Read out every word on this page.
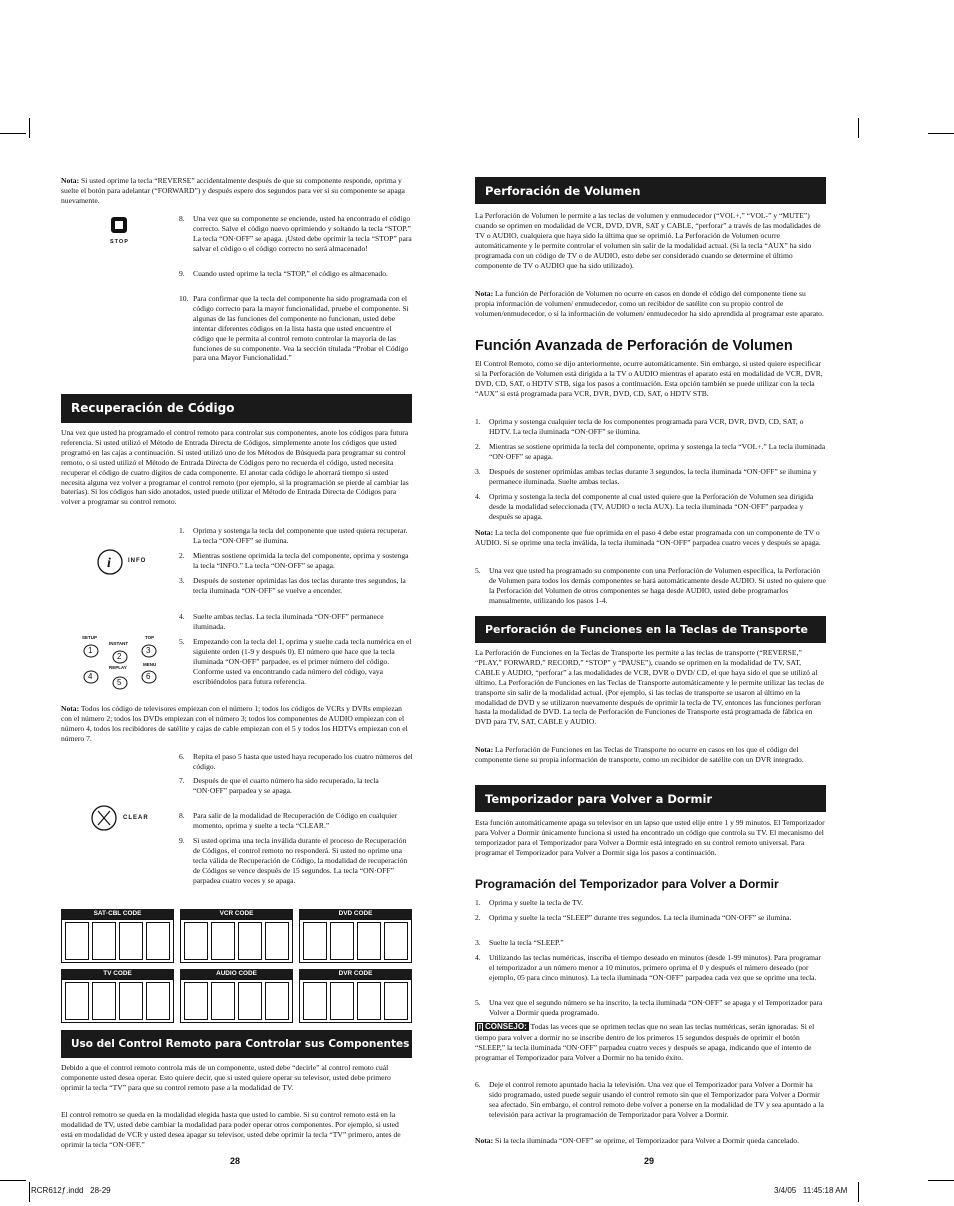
Nota: Si usted oprime la tecla “REVERSE” accidentalmente después de que su componente responde, oprima y suelte el botón para adelantar (“FORWARD”) y después espere dos segundos para ver si su componente se apaga nuevamente.
STOP
8. Una vez que su componente se enciende, usted ha encontrado el código correcto. Salve el código nuevo oprimiendo y soltando la tecla “STOP.” La tecla “ON·OFF” se apaga. ¡Usted debe oprimir la tecla “STOP” para salvar el código o el código correcto no será almacenado!
9. Cuando usted oprime la tecla “STOP,” el código es almacenado.
10. Para confirmar que la tecla del componente ha sido programada con el código correcto para la mayor funcionalidad, pruebe el componente. Si algunas de las funciones del componente no funcionan, usted debe intentar diferentes códigos en la lista hasta que usted encuentre el código que le permita al control remoto controlar la mayoría de las funciones de su componente. Vea la sección titulada “Probar el Código para una Mayor Funcionalidad.”
Recuperación de Código
Una vez que usted ha programado el control remoto para controlar sus componentes, anote los códigos para futura referencia. Si usted utilizó el Método de Entrada Directa de Códigos, simplemente anote los códigos que usted programó en las cajas a continuación. Si usted utilizó uno de los Métodos de Búsqueda para programar su control remoto, o si usted utilizó el Método de Entrada Directa de Códigos pero no recuerda el código, usted necesita recuperar el código de cuatro dígitos de cada componente. El anotar cada código le ahorrará tiempo si usted necesita alguna vez volver a programar el control remoto (por ejemplo, si la programación se pierde al cambiar las baterías). Si los códigos han sido anotados, usted puede utilizar el Método de Entrada Directa de Códigos para volver a programar su control remoto.
i	INFO
1. Oprima y sostenga la tecla del componente que usted quiera recuperar. La tecla “ON·OFF” se ilumina.
2. Mientras sostiene oprimida la tecla del componente, oprima y sostenga la tecla “INFO.” La tecla “ON·OFF” se apaga.
3. Después de sostener oprimidas las dos teclas durante tres segundos, la tecla iluminada “ON·OFF” se vuelve a encender.
4. Suelte ambas teclas. La tecla iluminada “ON·OFF” permanece iluminada.
5. Empezando con la tecla del 1, oprima y suelte cada tecla numérica en el siguiente orden (1-9 y después 0). El número que hace que la tecla iluminada “ON·OFF” parpadee, es el primer número del código. Conforme usted va encontrando cada número del código, vaya escribiéndolos para futura referencia.
1
2
3
4
5
6
SETUP
INSTANT
TOP
REPLAY
MENU
Nota: Todos los código de televisores empiezan con el número 1; todos los códigos de VCRs y DVRs empiezan con el número 2; todos los DVDs empiezan con el número 3; todos los componentes de AUDIO empiezan con el número 4, todos los recibidores de satélite y cajas de cable empiezan con el 5 y todos los HDTVs empiezan con el número 7.
6. Repita el paso 5 hasta que usted haya recuperado los cuatro números del código.
7. Después de que el cuarto número ha sido recuperado, la tecla “ON·OFF” parpadea y se apaga.
8. Para salir de la modalidad de Recuperación de Código en cualquier momento, oprima y suelte a tecla “CLEAR.”
9. Si usted oprima una tecla inválida durante el proceso de Recuperación de Códigos, el control remoto no responderá. Si usted no oprime una tecla válida de Recuperación de Código, la modalidad de recuperación de Códigos se vence después de 15 segundos. La tecla “ON·OFF” parpadea cuatro veces y se apaga.
CLEAR
SAT·CBL CODE	VCR CODE	DVD CODE
TV CODE	AUDIO CODE	DVR CODE
Uso del Control Remoto para Controlar sus Componentes
Debido a que el control remoto controla más de un componente, usted debe “decirle” al control remoto cuál componente usted desea operar. Esto quiere decir, que si usted quiere operar su televisor, usted debe primero oprimir la tecla “TV” para que su control remoto pase a la modalidad de TV.
El control remotro se queda en la modalidad elegida hasta que usted lo cambie. Si su control remoto está en la modalidad de TV, usted debe cambiar la modalidad para poder operar otros componentes. Por ejemplo, si usted está en modalidad de VCR y usted desea apagar su televisor, usted debe oprimir la tecla “TV” primero, antes de oprimir la tecla “ON·OFF.”
28
Perforación de Volumen
La Perforación de Volumen le permite a las teclas de volumen y enmudecedor (“VOL+,” “VOL-” y “MUTE”) cuando se oprimen en modalidad de VCR, DVD, DVR, SAT y CABLE, “perforar” a través de las modalidades de TV o AUDIO, cualquiera que haya sido la última que se oprimió. La Perforación de Volumen ocurre automáticamente y le permite controlar el volumen sin salir de la modalidad actual. (Si la tecla “AUX” ha sido programada con un código de TV o de AUDIO, esto debe ser considerado cuando se determine el último componente de TV o AUDIO que ha sido utilizado).
Nota: La función de Perforación de Volumen no ocurre en casos en donde el código del componente tiene su propia información de volumen/ enmudecedor, como un recibidor de satélite con su propio control de volumen/enmudecedor, o si la información de volumen/ enmudecedor ha sido aprendida al programar este aparato.
Función Avanzada de Perforación de Volumen
El Control Remoto, como se dijo anteriormente, ocurre automáticamente. Sin embargo, si usted quiere especificar si la Perforación de Volumen está dirigida a la TV o AUDIO mientras el aparato está en modalidad de VCR, DVR, DVD, CD, SAT, o HDTV STB, siga los pasos a continuación. Esta opción también se puede utilizar con la tecla “AUX” si está programada para VCR, DVR, DVD, CD, SAT, o HDTV STB.
1. Oprima y sostenga cualquier tecla de los componentes programada para VCR, DVR, DVD, CD, SAT, o HDTV. La tecla iluminada “ON·OFF” se ilumina.
2. Mientras se sostiene oprimida la tecla del componente, oprima y sostenga la tecla “VOL+.” La tecla iluminada “ON·OFF” se apaga.
3. Después de sostener oprimidas ambas teclas durante 3 segundos, la tecla iluminada “ON·OFF” se ilumina y permanece iluminada. Suelte ambas teclas.
4. Oprima y sostenga la tecla del componente al cual usted quiere que la Perforación de Volumen sea dirigida desde la modalidad seleccionada (TV, AUDIO o tecla AUX). La tecla iluminada “ON·OFF” parpadea y después se apaga.
Nota: La tecla del componente que fue oprimida en el paso 4 debe estar programada con un componente de TV o AUDIO. Si se oprime una tecla inválida, la tecla iluminada “ON·OFF” parpadea cuatro veces y después se apaga.
5. Una vez que usted ha programado su componente con una Perforación de Volumen específica, la Perforación de Volumen para todos los demás componentes se hará automáticamente desde AUDIO. Si usted no quiere que la Perforación del Volumen de otros componentes se haga desde AUDIO, usted debe programarlos manualmente, utilizando los pasos 1-4.
Perforación de Funciones en la Teclas de Transporte
La Perforación de Funciones en la Teclas de Transporte les permite a las teclas de transporte (“REVERSE,” “PLAY,” FORWARD,” RECORD,” “STOP” y “PAUSE”), cuando se oprimen en la modalidad de TV, SAT, CABLE y AUDIO, “perforar” a las modalidades de VCR, DVR o DVD/ CD, el que haya sido el que se utilizó al último. La Perforación de Funciones en las Teclas de Transporte automáticamente y le permite utilizar las teclas de transporte sin salir de la modalidad actual. (Por ejemplo, si las teclas de transporte se usaron al último en la modalidad de DVD y se utilizaron nuevamente después de oprimir la tecla de TV, entonces las funciones perforan hasta la modalidad de DVD. La tecla de Perforación de Funciones de Transporte está programada de fábrica en DVD para TV, SAT, CABLE y AUDIO.
Nota: La Perforación de Funciones en las Teclas de Transporte no ocurre en casos en los que el código del componente tiene su propia información de transporte, como un recibidor de satélite con un DVR integrado.
Temporizador para Volver a Dormir
Esta función automáticamente apaga su televisor en un lapso que usted elije entre 1 y 99 minutos. El Temporizador para Volver a Dormir únicamente funciona si usted ha encontrado un código que controla su TV. El mecanismo del temporizador para el Temporizador para Volver a Dormir está integrado en su control remoto universal. Para programar el Temporizador para Volver a Dormir siga los pasos a continuación.
Programación del Temporizador para Volver a Dormir
1. Oprima y suelte la tecla de TV.
2. Oprima y suelte la tecla “SLEEP” durante tres segundos. La tecla iluminada “ON·OFF” se ilumina.
3. Suelte la tecla “SLEEP.”
4. Utilizando las teclas numéricas, inscriba el tiempo deseado en minutos (desde 1-99 minutos). Para programar el temporizador a un número menor a 10 minutos, primero oprima el 0 y después el número deseado (por ejemplo, 05 para cinco minutos). La tecla iluminada “ON·OFF” parpadea cada vez que se oprime una tecla.
5. Una vez que el segundo número se ha inscrito, la tecla iluminada “ON·OFF” se apaga y el Temporizador para Volver a Dormir queda programado.
i CONSEJO: Todas las veces que se oprimen teclas que no sean las teclas numéricas, serán ignoradas. Si el tiempo para volver a dormir no se inscribe dentro de los primeros 15 segundos después de oprimir el botón “SLEEP,” la tecla iluminada “ON·OFF” parpadea cuatro veces y después se apaga, indicando que el intento de programar el Temporizador para Volver a Dormir no ha tenido éxito.
6. Deje el control remoto apuntado hacia la televisión. Una vez que el Temporizador para Volver a Dormir ha sido programado, usted puede seguir usando el control remoto sin que el Temporizador para Volver a Dormir sea afectado. Sin embargo, el control remoto debe volver a ponerse en la modalidad de TV y sea apuntado a la televisión para activar la programación de Temporizador para Volver a Dormir.
Nota: Si la tecla iluminada “ON·OFF” se oprime, el Temporizador para Volver a Dormir queda cancelado.
29
RCR612ƒ.indd   28-29	3/4/05   11:45:18 AM
